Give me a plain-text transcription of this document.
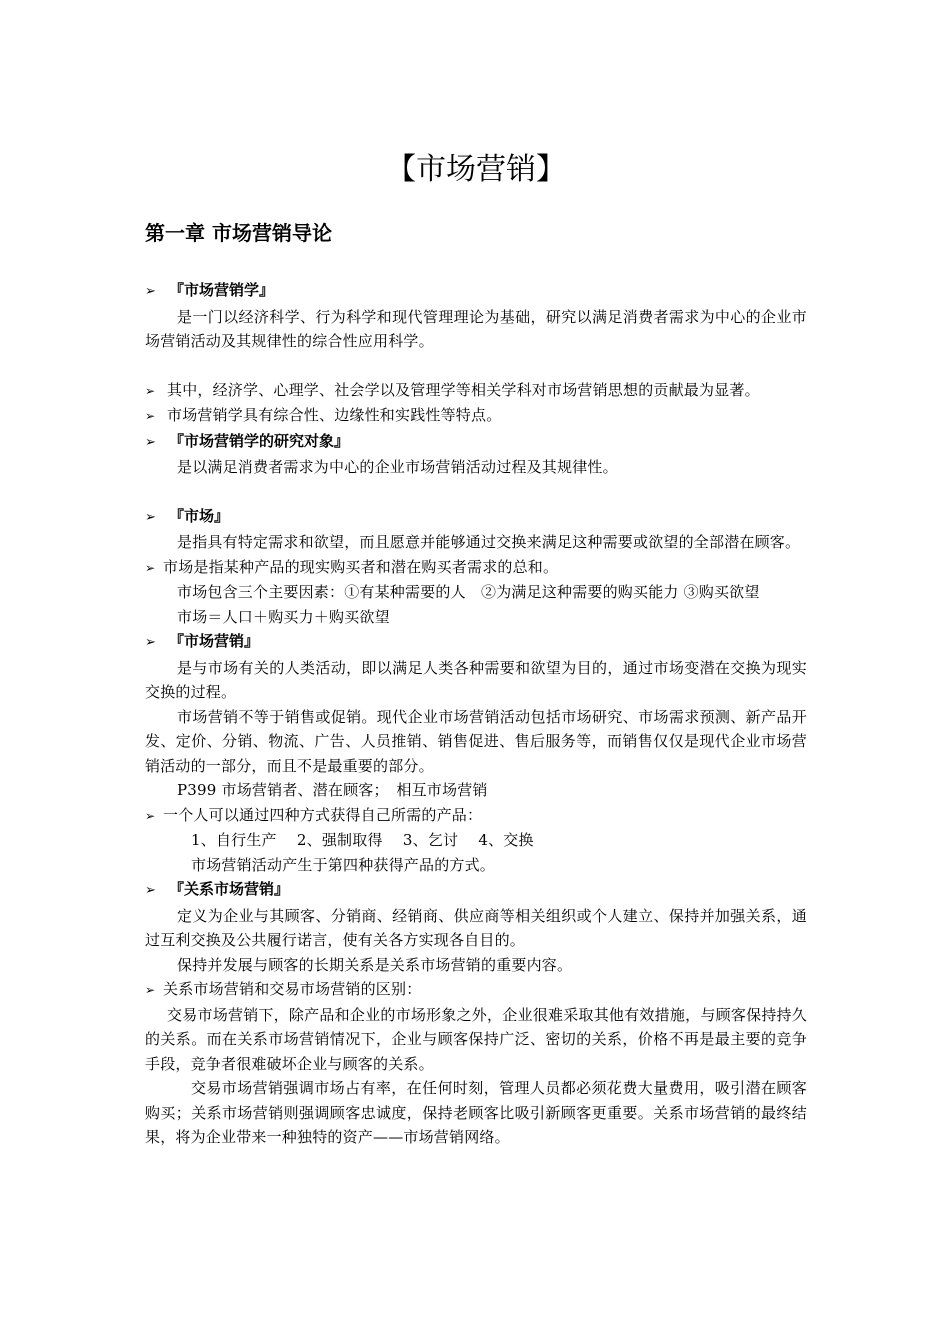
【市场营销】
第一章 市场营销导论

➢ 『市场营销学』

是一门以经济科学、行为科学和现代管理理论为基础，研究以满足消费者需求为中心的企业市场营销活动及其规律性的综合性应用科学。

➢ 其中，经济学、心理学、社会学以及管理学等相关学科对市场营销思想的贡献最为显著。

➢ 市场营销学具有综合性、边缘性和实践性等特点。

➢ 『市场营销学的研究对象』

是以满足消费者需求为中心的企业市场营销活动过程及其规律性。

➢ 『市场』

是指具有特定需求和欲望，而且愿意并能够通过交换来满足这种需要或欲望的全部潜在顾客。

➢ 市场是指某种产品的现实购买者和潜在购买者需求的总和。

市场包含三个主要因素：①有某种需要的人　②为满足这种需要的购买能力 ③购买欲望

市场＝人口＋购买力＋购买欲望

➢ 『市场营销』

是与市场有关的人类活动，即以满足人类各种需要和欲望为目的，通过市场变潜在交换为现实交换的过程。

市场营销不等于销售或促销。现代企业市场营销活动包括市场研究、市场需求预测、新产品开发、定价、分销、物流、广告、人员推销、销售促进、售后服务等，而销售仅仅是现代企业市场营销活动的一部分，而且不是最重要的部分。

P399 市场营销者、潜在顾客；　相互市场营销

➢ 一个人可以通过四种方式获得自己所需的产品：

1、自行生产　 2、强制取得　 3、乞讨　 4、交换

市场营销活动产生于第四种获得产品的方式。

➢ 『关系市场营销』

定义为企业与其顾客、分销商、经销商、供应商等相关组织或个人建立、保持并加强关系，通过互利交换及公共履行诺言，使有关各方实现各自目的。

保持并发展与顾客的长期关系是关系市场营销的重要内容。

➢ 关系市场营销和交易市场营销的区别：

交易市场营销下，除产品和企业的市场形象之外，企业很难采取其他有效措施，与顾客保持持久的关系。而在关系市场营销情况下，企业与顾客保持广泛、密切的关系，价格不再是最主要的竞争手段，竞争者很难破坏企业与顾客的关系。

交易市场营销强调市场占有率，在任何时刻，管理人员都必须花费大量费用，吸引潜在顾客购买；关系市场营销则强调顾客忠诚度，保持老顾客比吸引新顾客更重要。关系市场营销的最终结果，将为企业带来一种独特的资产——市场营销网络。
